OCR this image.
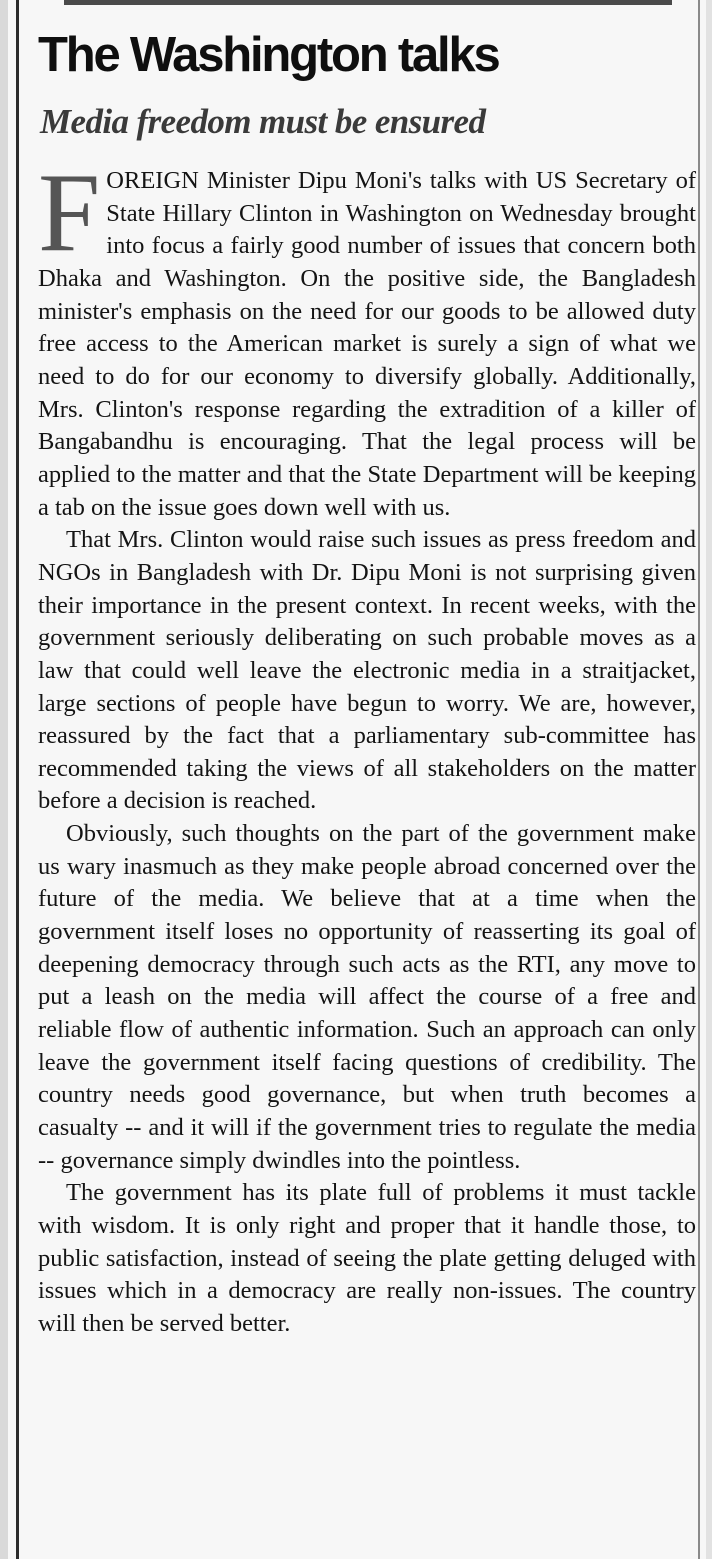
The Washington talks
Media freedom must be ensured

FOREIGN Minister Dipu Moni's talks with US Secretary of State Hillary Clinton in Washington on Wednesday brought into focus a fairly good number of issues that concern both Dhaka and Washington. On the positive side, the Bangladesh minister's emphasis on the need for our goods to be allowed duty free access to the American market is surely a sign of what we need to do for our economy to diversify globally. Additionally, Mrs. Clinton's response regarding the extradition of a killer of Bangabandhu is encouraging. That the legal process will be applied to the matter and that the State Department will be keeping a tab on the issue goes down well with us.

That Mrs. Clinton would raise such issues as press freedom and NGOs in Bangladesh with Dr. Dipu Moni is not surprising given their importance in the present context. In recent weeks, with the government seriously deliberating on such probable moves as a law that could well leave the electronic media in a straitjacket, large sections of people have begun to worry. We are, however, reassured by the fact that a parliamentary sub-committee has recommended taking the views of all stakeholders on the matter before a decision is reached.

Obviously, such thoughts on the part of the government make us wary inasmuch as they make people abroad concerned over the future of the media. We believe that at a time when the government itself loses no opportunity of reasserting its goal of deepening democracy through such acts as the RTI, any move to put a leash on the media will affect the course of a free and reliable flow of authentic information. Such an approach can only leave the government itself facing questions of credibility. The country needs good governance, but when truth becomes a casualty -- and it will if the government tries to regulate the media -- governance simply dwindles into the pointless.

The government has its plate full of problems it must tackle with wisdom. It is only right and proper that it handle those, to public satisfaction, instead of seeing the plate getting deluged with issues which in a democracy are really non-issues. The country will then be served better.
